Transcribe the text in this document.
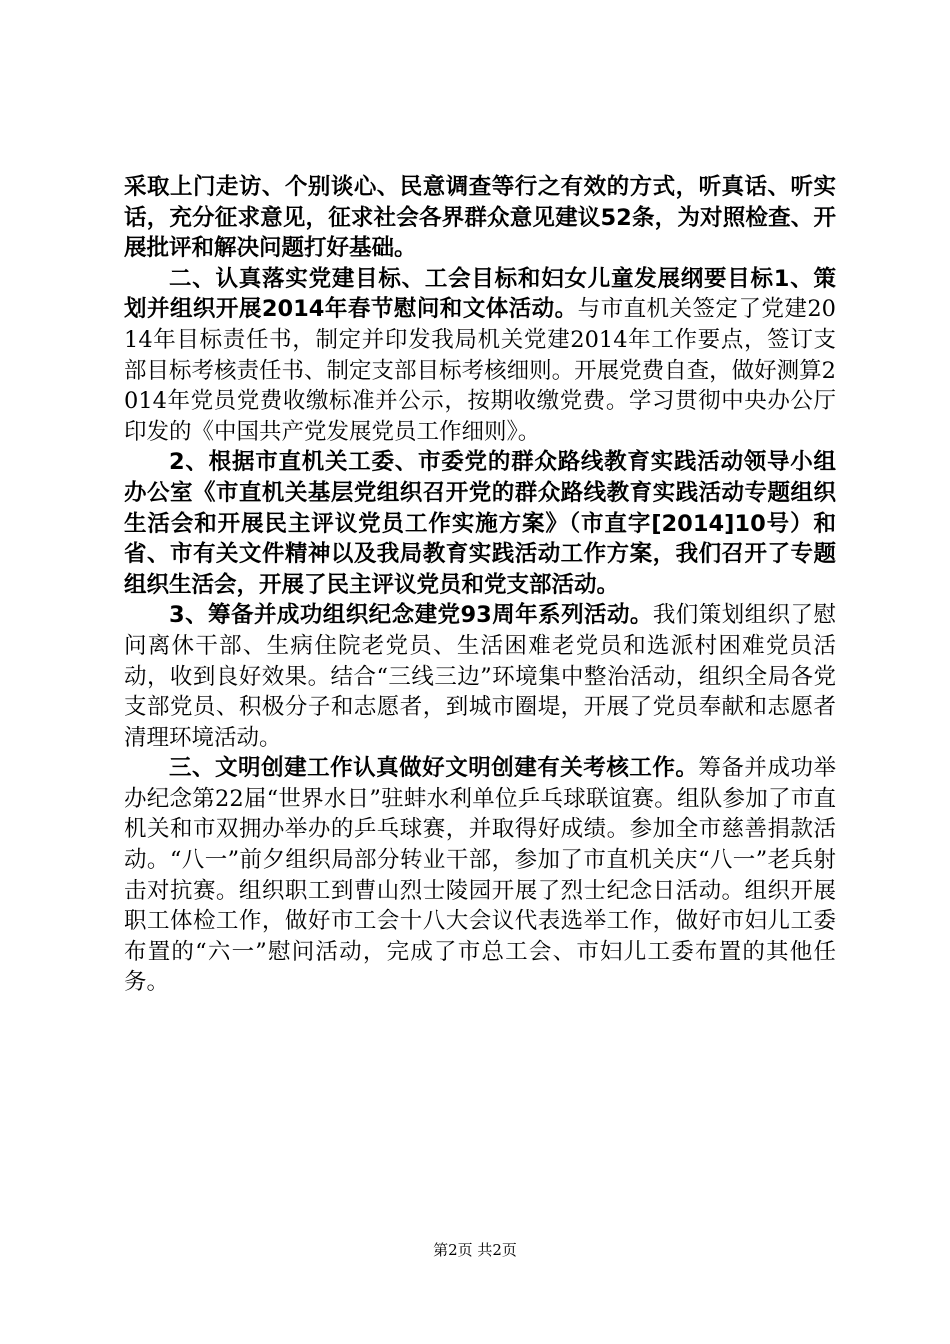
采取上门走访、个别谈心、民意调查等行之有效的方式，听真话、听实话，充分征求意见，征求社会各界群众意见建议52条，为对照检查、开展批评和解决问题打好基础。

二、认真落实党建目标、工会目标和妇女儿童发展纲要目标1、策划并组织开展2014年春节慰问和文体活动。与市直机关签定了党建2014年目标责任书，制定并印发我局机关党建2014年工作要点，签订支部目标考核责任书、制定支部目标考核细则。开展党费自查，做好测算2014年党员党费收缴标准并公示，按期收缴党费。学习贯彻中央办公厅印发的《中国共产党发展党员工作细则》。

2、根据市直机关工委、市委党的群众路线教育实践活动领导小组办公室《市直机关基层党组织召开党的群众路线教育实践活动专题组织生活会和开展民主评议党员工作实施方案》（市直字[2014]10号）和省、市有关文件精神以及我局教育实践活动工作方案，我们召开了专题组织生活会，开展了民主评议党员和党支部活动。

3、筹备并成功组织纪念建党93周年系列活动。我们策划组织了慰问离休干部、生病住院老党员、生活困难老党员和选派村困难党员活动，收到良好效果。结合“三线三边”环境集中整治活动，组织全局各党支部党员、积极分子和志愿者，到城市圈堤，开展了党员奉献和志愿者清理环境活动。

三、文明创建工作认真做好文明创建有关考核工作。筹备并成功举办纪念第22届“世界水日”驻蚌水利单位乒乓球联谊赛。组队参加了市直机关和市双拥办举办的乒乓球赛，并取得好成绩。参加全市慈善捐款活动。“八一”前夕组织局部分转业干部，参加了市直机关庆“八一”老兵射击对抗赛。组织职工到曹山烈士陵园开展了烈士纪念日活动。组织开展职工体检工作，做好市工会十八大会议代表选举工作，做好市妇儿工委布置的“六一”慰问活动，完成了市总工会、市妇儿工委布置的其他任务。

第2页 共2页
